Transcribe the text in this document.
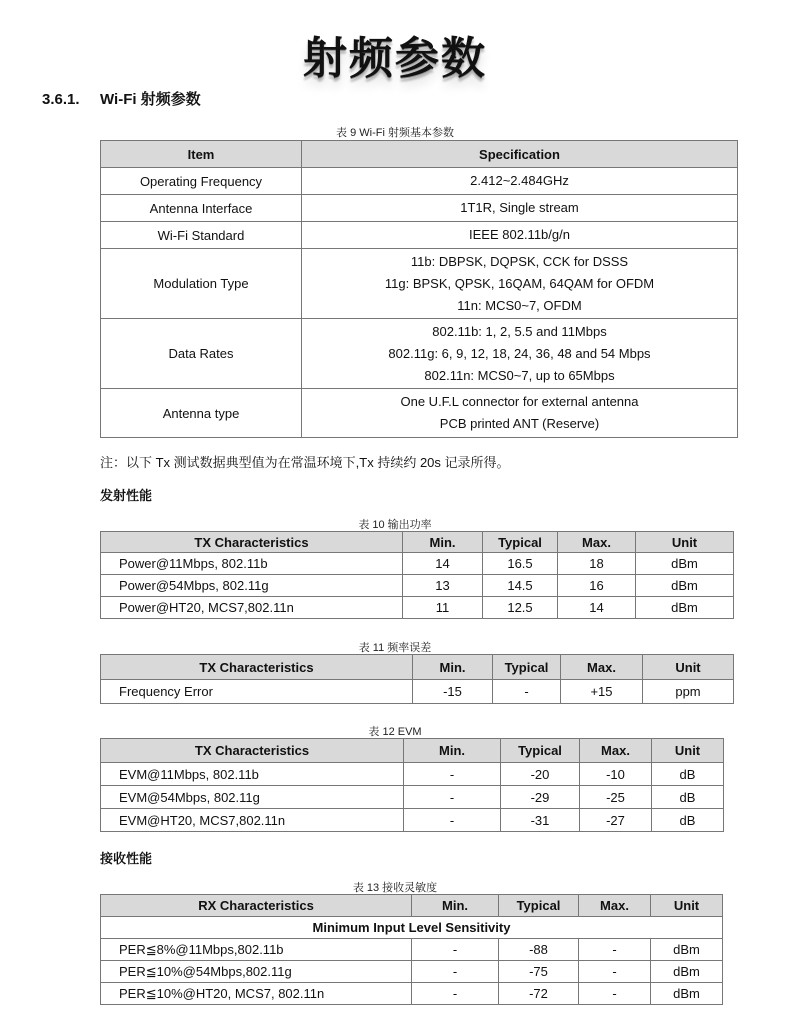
射频参数
3.6.1. Wi-Fi 射频参数
表 9 Wi-Fi 射频基本参数
Item	Specification
Operating Frequency	2.412~2.484GHz

Antenna Interface	1T1R, Single stream

Wi-Fi Standard	IEEE 802.11b/g/n

Modulation Type	11b: DBPSK, DQPSK, CCK for DSSS
11g: BPSK, QPSK, 16QAM, 64QAM for OFDM
11n: MCS0~7, OFDM

Data Rates	802.11b: 1, 2, 5.5 and 11Mbps
802.11g: 6, 9, 12, 18, 24, 36, 48 and 54 Mbps
802.11n: MCS0~7, up to 65Mbps

Antenna type	One U.F.L connector for external antenna
PCB printed ANT (Reserve)
注：以下 Tx 测试数据典型值为在常温环境下,Tx 持续约 20s 记录所得。
发射性能
表 10 输出功率
TX Characteristics	Min.	Typical	Max.	Unit
Power@11Mbps, 802.11b	14	16.5	18	dBm
Power@54Mbps, 802.11g	13	14.5	16	dBm
Power@HT20, MCS7,802.11n	11	12.5	14	dBm
表 11 频率误差
TX Characteristics	Min.	Typical	Max.	Unit
Frequency Error	-15	-	+15	ppm
表 12 EVM
TX Characteristics	Min.	Typical	Max.	Unit
EVM@11Mbps, 802.11b	-	-20	-10	dB
EVM@54Mbps, 802.11g	-	-29	-25	dB
EVM@HT20, MCS7,802.11n	-	-31	-27	dB
接收性能
表 13 接收灵敏度
RX Characteristics	Min.	Typical	Max.	Unit
Minimum Input Level Sensitivity				
PER≦8%@11Mbps,802.11b	-	-88	-	dBm
PER≦10%@54Mbps,802.11g	-	-75	-	dBm
PER≦10%@HT20, MCS7, 802.11n	-	-72	-	dBm
